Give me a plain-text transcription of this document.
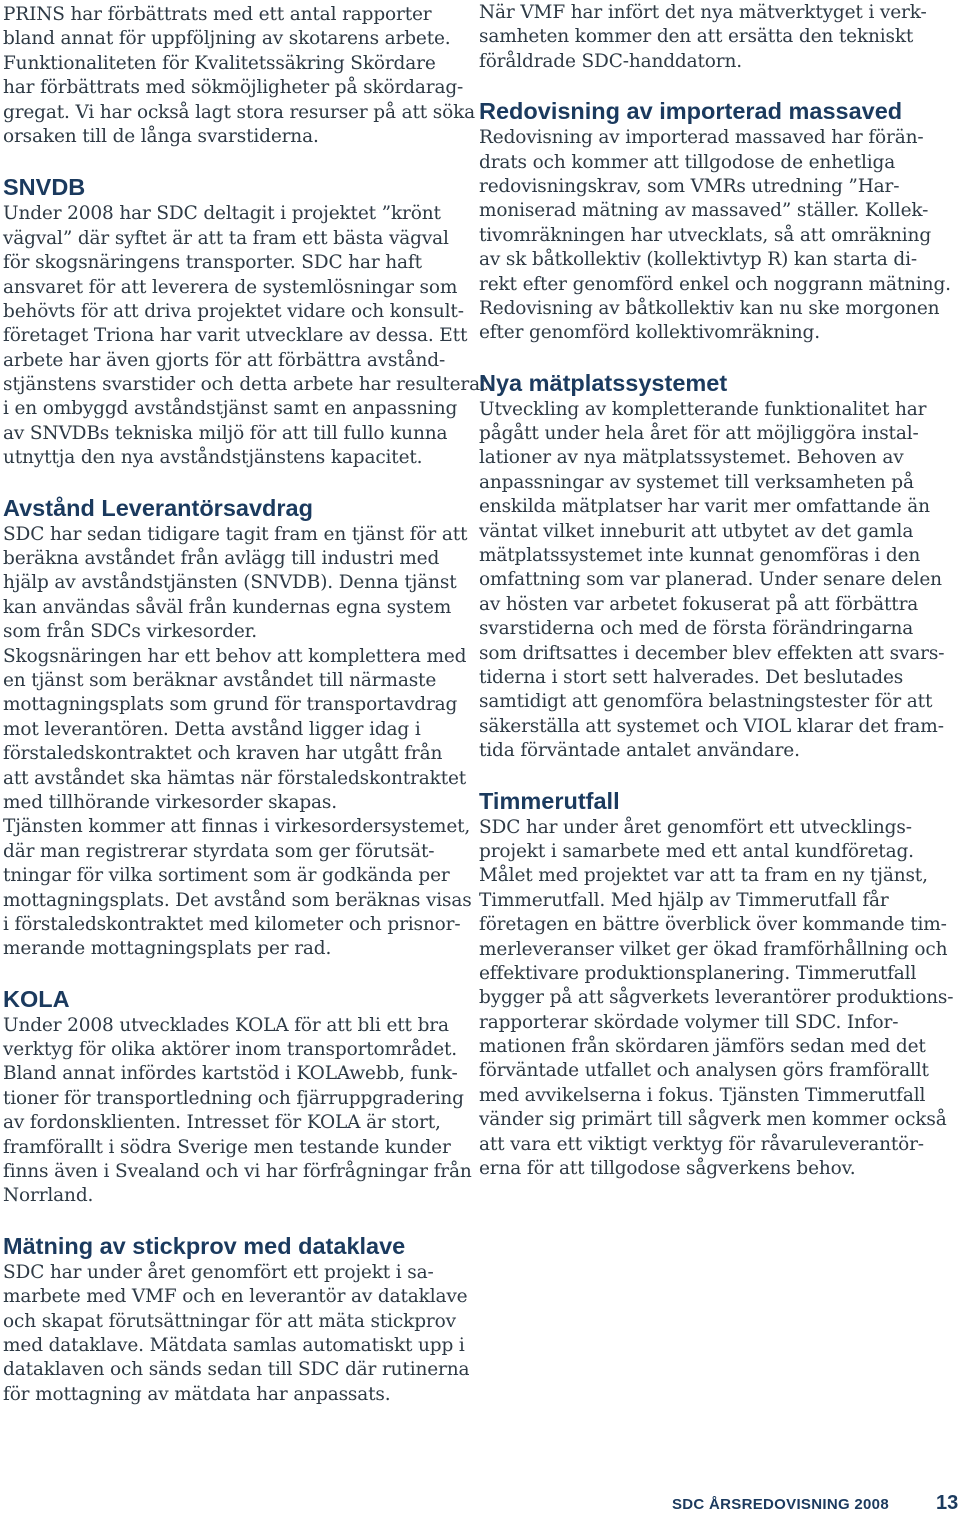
PRINS har förbättrats med ett antal rapporter
bland annat för uppföljning av skotarens arbete.
Funktionaliteten för Kvalitetssäkring Skördare
har förbättrats med sökmöjligheter på skördarag-
gregat. Vi har också lagt stora resurser på att söka
orsaken till de långa svarstiderna.
SNVDB
Under 2008 har SDC deltagit i projektet ”krönt
vägval” där syftet är att ta fram ett bästa vägval
för skogsnäringens transporter. SDC har haft
ansvaret för att leverera de systemlösningar som
behövts för att driva projektet vidare och konsult-
företaget Triona har varit utvecklare av dessa. Ett
arbete har även gjorts för att förbättra avstånd-
stjänstens svarstider och detta arbete har resulterat
i en ombyggd avståndstjänst samt en anpassning
av SNVDBs tekniska miljö för att till fullo kunna
utnyttja den nya avståndstjänstens kapacitet.
Avstånd Leverantörsavdrag
SDC har sedan tidigare tagit fram en tjänst för att
beräkna avståndet från avlägg till industri med
hjälp av avståndstjänsten (SNVDB). Denna tjänst
kan användas såväl från kundernas egna system
som från SDCs virkesorder.
Skogsnäringen har ett behov att komplettera med
en tjänst som beräknar avståndet till närmaste
mottagningsplats som grund för transportavdrag
mot leverantören. Detta avstånd ligger idag i
förstaledskontraktet och kraven har utgått från
att avståndet ska hämtas när förstaledskontraktet
med tillhörande virkesorder skapas.
Tjänsten kommer att finnas i virkesordersystemet,
där man registrerar styrdata som ger förutsät-
tningar för vilka sortiment som är godkända per
mottagningsplats. Det avstånd som beräknas visas
i förstaledskontraktet med kilometer och prisnor-
merande mottagningsplats per rad.
KOLA
Under 2008 utvecklades KOLA för att bli ett bra
verktyg för olika aktörer inom transportområdet.
Bland annat infördes kartstöd i KOLAwebb, funk-
tioner för transportledning och fjärruppgradering
av fordonsklienten. Intresset för KOLA är stort,
framförallt i södra Sverige men testande kunder
finns även i Svealand och vi har förfrågningar från
Norrland.
Mätning av stickprov med dataklave
SDC har under året genomfört ett projekt i sa-
marbete med VMF och en leverantör av dataklave
och skapat förutsättningar för att mäta stickprov
med dataklave. Mätdata samlas automatiskt upp i
dataklaven och sänds sedan till SDC där rutinerna
för mottagning av mätdata har anpassats.
När VMF har infört det nya mätverktyget i verk-
samheten kommer den att ersätta den tekniskt
föråldrade SDC-handdatorn.
Redovisning av importerad massaved
Redovisning av importerad massaved har förän-
drats och kommer att tillgodose de enhetliga
redovisningskrav, som VMRs utredning ”Har-
moniserad mätning av massaved” ställer. Kollek-
tivomräkningen har utvecklats, så att omräkning
av sk båtkollektiv (kollektivtyp R) kan starta di-
rekt efter genomförd enkel och noggrann mätning.
Redovisning av båtkollektiv kan nu ske morgonen
efter genomförd kollektivomräkning.
Nya mätplatssystemet
Utveckling av kompletterande funktionalitet har
pågått under hela året för att möjliggöra instal-
lationer av nya mätplatssystemet. Behoven av
anpassningar av systemet till verksamheten på
enskilda mätplatser har varit mer omfattande än
väntat vilket inneburit att utbytet av det gamla
mätplatssystemet inte kunnat genomföras i den
omfattning som var planerad. Under senare delen
av hösten var arbetet fokuserat på att förbättra
svarstiderna och med de första förändringarna
som driftsattes i december blev effekten att svars-
tiderna i stort sett halverades. Det beslutades
samtidigt att genomföra belastningstester för att
säkerställa att systemet och VIOL klarar det fram-
tida förväntade antalet användare.
Timmerutfall
SDC har under året genomfört ett utvecklings-
projekt i samarbete med ett antal kundföretag.
Målet med projektet var att ta fram en ny tjänst,
Timmerutfall. Med hjälp av Timmerutfall får
företagen en bättre överblick över kommande tim-
merleveranser vilket ger ökad framförhållning och
effektivare produktionsplanering. Timmerutfall
bygger på att sågverkets leverantörer produktions-
rapporterar skördade volymer till SDC. Infor-
mationen från skördaren jämförs sedan med det
förväntade utfallet och analysen görs framförallt
med avvikelserna i fokus. Tjänsten Timmerutfall
vänder sig primärt till sågverk men kommer också
att vara ett viktigt verktyg för råvaruleverantör-
erna för att tillgodose sågverkens behov.
SDC ÅRSREDOVISNING 2008 13
